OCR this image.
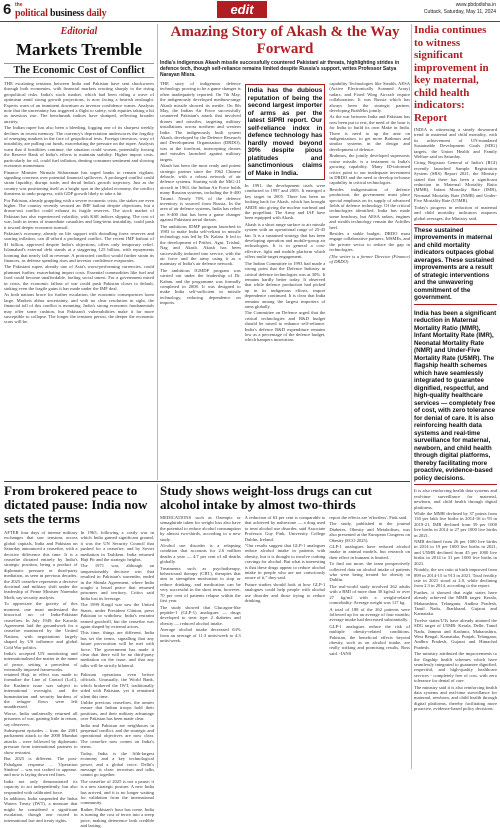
6 the
political business daily	edit	www.pbdodisha.in
Cuttack, Saturday, May 11, 2024
Editorial
Markets Tremble
The Economic Cost of Conflict

THE escalating tensions between India and Pakistan have sent shockwaves through both economies, with financial markets reacting sharply to the rising geopolitical risks. India's stock market, which had been riding a wave of optimism amid strong growth projections, is now facing a bearish onslaught. Experts warn of an imminent downturn as investor confidence wanes. Analysts note that the uncertainty has triggered a flight to safety, with equities taking a hit as investors rise. The benchmark indices have slumped, reflecting broader anxiety.

The Indian rupee has also been a bleeding, logging one of its sharpest weekly declines in recent memory. The currency's depreciation underscores the fragility of emerging markets in the face of geopolitical tests. Foreign investors, wary of instability, are pulling out funds, exacerbating the pressure on the rupee. Analysts warn that if hostilities continue, the situation could worsen, potentially forcing the Reserve Bank of India's efforts to maintain stability. Higher import costs, particularly for oil, could fuel inflation, denting consumer sentiment and slowing economic momentum.

Finance Minister Nirmala Sitharaman has urged banks to remain vigilant, signaling concerns over potential financial spillovers. A prolonged conflict could strain liquidity, disrupt trade, and derail India's growth trajectory. Just as the country was positioning itself as a bright spot in the global economy, the conflict threatens to undo progress, with GDP growth likely to take a hit.

For Pakistan, already grappling with a severe economic crisis, the stakes are even higher. The country recently secured an IMF bailout despite objections, but a drawn-out conflict could exhaust its fragile reserves. The stock market of Pakistan has also experienced volatility, with KSE indices slipping. The cost of war, both in terms of immediate casualties and long-term instability, could push it toward deeper economic turmoil.

Pakistan's economy, already on life support with dwindling forex reserves and soaring inflation, can ill-afford a prolonged conflict. The recent IMF bailout of $1 billion, approved despite India's objections, offers only temporary relief. Islamabad's external debt stands at a staggering 125 billion, with repayments looming that nearly fall in revenue. A protracted conflict would further strain its finances, as defense spending rises and investor confidence evaporates.

The Pakistani rupee, already one of Asia's worst-performing currencies, could plummet further, exacerbating import costs. Essential commodities like fuel and food could become unaffordable, fueling social unrest. For a government mired in crisis, the economic fallout of war could push Pakistan closer to default, sinking even the fragile gains it has made under the IMF deal.

As both nations brace for further escalation, the economic consequences loom large. Markets abhor uncertainty, and with no clear resolution in sight, the financial toll of this conflict is mounting. India's strong economic fundamentals may offer some cushion, but Pakistan's vulnerabilities make it far more susceptible to collapse. The longer the tensions persist, the deeper the economic scars will be.

Amazing Story of Akash & the Way Forward
India's indigenous Akash missile successfully countered Pakistani air threats, highlighting strides in defence tech, though self-reliance remains limited despite Russia's support, writes Professor Satya Narayan Misra.

THE story of indigenous defence technology proving to be a game changer is often inadequately reported. On 7th May, the indigenously developed medium-range Akash missile showed its mettle. On 8th May, the Indian Air Force successfully countered Pakistan's attack that involved drones and missiles, targeting military installations across northern and western India. The indigenously built system Akash, developed by the Defence Research and Development Organisation (DRDO), was at the forefront, intercepting drones and missiles launched against military targets.

Akash has been the most ready and potent strategic partner since the 1962 Chinese debacle, with a robust network of air defence systems. Starting with the MiG-21 aircraft in 1963, the Indian Air Force holds many Russian systems, including the S-400 Triumf. Nearly 70% of the defence inventory is sourced from Russia. In the area of air defence systems, India has relied on S-400 that has been a game changer against Pakistani aerial threats.

The ambitious IDMP program launched in 1983 to make India self-reliant in missile technology was led by Dr. Kalam. It led to the development of Prithvi, Agni, Trishul, Nag and Akash. Akash has been successfully inducted into service, with the air force and the army using it as a mainstay of India's air defence network.

The ambitious IGMDP program was carried out under the leadership of Dr. Kalam, and the programme was formally completed in 2008. It was designed to make India self-sufficient in missile technology, reducing dependence on imports.

India has the dubious reputation of being the second largest importer of arms as per the latest SIPRI report. Our self-reliance index in defence technology has hardly moved beyond 30% despite pious platitudes and sanctimonious claims of Make in India.

In 1991, the development trials were conducted in 1997 and 2005. It emerged a key target in 2005. There has been no looking back for Akash, which has brought ARDE into giving the nuclear warhead and the propellant. The Army and IAF have been equipped with Akash.

Akash is a short range surface to air missile system with an operational range of 25-45 km. It is a sustained strategy that has been developing operation and mobile-group air technologies. It is in general a cost-effective, light and mobile platform which offers multi-target engagement.

The Indian Committee in 1993 had made a strong point that the Defence Industry in critical defence technologies was at 30%. It remains hardly better today. It observed that while defence production had picked up in its indigenous efforts, import dependence continued. It is clear that India remains among the largest importers of arms globally.

The Committee on Defence urged that the critical technologies and R&D budget should be raised to enhance self-reliance. India's defence R&D expenditure remains low as a percentage of the defence budget, which hampers innovation.

capability Technologies like Stealth, AESA (Active Electronically Scanned Array) radars, and Fixed Wing Aircraft require collaboration. It was Russia which has always been the strategic partner, developing BrahMos jointly.

As the war between India and Pakistan has now been put to rest, the need of the hour is for India to build its own Make in India. There is need to up the ante on indigenization, to get more Brahmos and similar systems in the design and development of defence.

Brahmos, the jointly developed supersonic cruise missile, is a testament to India's growing capability. Many ID-informed critics point to our inadequate investment in DRDO and the need to develop in-house capability in critical technologies.

Besides indigenisation of defence production, the government must place special emphasis on its supply of advanced fields of defence technology. Of the critical technologies identified, India has made some headway, but AESA radars, engines and stealth technology remain the Achilles heel.

Besides a stable budget, DRDO must engage collaborative partners, MSMEs, and the private sector to reduce the gap in technologies.

(The writer is a former Director (Finance) of DRDO)

India continues to witness significant improvement in key maternal, child health indicators: Report

INDIA is witnessing a steady downward trend in maternal and child mortality, with its achievement of UN-mandated Sustainable Development Goals (SDG) targets, the Union Health and Family Welfare said on Saturday.

Citing Registrar General of India's (RGI) recently launched Sample Registration System (SRS) Report 2021, the Ministry stated that there has been a significant reduction in Maternal Mortality Ratio (MMR), Infant Mortality Rate (IMR), Neonatal Mortality Rate (NMR) and Under-Five Mortality Rate (U5MR).

Today's progress in reduction of maternal and child mortality indicators outpaces global averages, the Ministry said.

These sustained improvements in maternal and child mortality indicators outpaces global averages. These sustained improvements are a result of strategic interventions and the unwavering commitment of the government.
India has been a significant reduction in Maternal Mortality Ratio (MMR), Infant Mortality Rate (IMR), Neonatal Mortality Rate (NMR) and Under-Five Mortality Rate (U5MR). The flagship health schemes which have seamlessly integrated to guarantee dignified, respectful, and high-quality healthcare services — completely free of cost, with zero tolerance for denial of care. It is also reinforcing health data systems and real-time surveillance for maternal, newborn, and child health through digital platforms, thereby facilitating more proactive, evidence-based policy decisions.

It is also reinforcing health data systems and real-time surveillance for maternal, newborn, and child health through digital platforms.

While the MMR declined by 37 points from 130 per lakh live births in 2014-16 to 93 in 2019-21, IMR declined from 39 per 1000 live births in 2014 to 27 per 1000 live births in 2021.

NMR declined from 26 per 1000 live births in 2014 to 19 per 1000 live births in 2021, and U5MR declined from 45 per 1000 live births in 2014 to 31 per 1000 live births in 2021.

Notably, the sex ratio at birth improved from 899 in 2014-15 to 913 in 2021. Total fertility rate in 2021 stood at 2.0, while declining from 2.3 in 2014, according to the report.

Further, it showed that eight states have already achieved the MMR target: Kerala, Maharashtra, Telangana, Andhra Pradesh, Tamil Nadu, Jharkhand, Gujarat and Karnataka.

Twelve states/UTs have already attained the SDG target of U5MR: Kerala, Delhi, Tamil Nadu, Jammu and Kashmir, Maharashtra, West Bengal, Karnataka, Punjab, Telangana, Andhra Pradesh, Gujarat and Himachal Pradesh.

The ministry attributed the improvements to the flagship health schemes which have seamlessly integrated to guarantee dignified, respectful, and high-quality healthcare services - completely free of cost, with zero tolerance for denial of care.

The ministry said it is also reinforcing health data systems and real-time surveillance for maternal, newborn, and child health through digital platforms, thereby facilitating more proactive, evidence-based policy decisions.

From brokered peace to dictated pause: India now sets the terms

AFTER four days of intense military exchanges that saw tensions across global capitals, India and Pakistan on Saturday announced a ceasefire, with a decisive difference this time. It is a ceasefire dictated entirely by India's strategic position, being a product of diplomatic pressure or third-party mediation, as seen in previous decades, the 2025 ceasefire represents a decisive doctrinal and military shift under the leadership of Prime Minister Narendra Modi, say security analysts.

To appreciate the gravity of this moment, one must understand the historical arc of India-Pakistan ceasefires. In July 1949, the Karachi Agreement laid the groundwork for a ceasefire monitored by the United Nations, with negotiations largely shaped by US influence and global Cold War politics.

India's accepted UN monitoring and internationalised the matter in the name of peace, setting a precedent of externally imposed frameworks.

In 1965, following a costly war in which India gained significant ground, it was the UN Security Council that pushed for a ceasefire, and by Soviet mediation in Tashkent. India returned Haji Pir and the strategic heights.

The 1971 war, although an unquestionably decisive win that resulted in Pakistan's surrender, ended in the Shimla Agreement, where India sought a broad peace that returned prisoners and territory. Critics said India lost its leverage.

The 1999 Kargil war saw the United States, under President Clinton, press Pakistan to withdraw. India's restraint earned goodwill, but the ceasefire was again shaped by external actors.

This time, things are different. India has set the terms, signalling that any future provocation will be met with force. The government has made it clear that there will be no third-party mediation on the issue, and that any talks will be strictly bilateral.

retained Haji, in effect was made to formalize the Line of Control (LoC), the Kashmir issue was subject to international oversight, and the humanitarian and security burdens of the refugee flows were left unaddressed.

Worse, India unilaterally returned all prisoners of war, gaining little in return, say observers.

Subsequent episodes – from the 2001 parliament attack to the 2008 Mumbai attacks – were followed by diplomatic pressure from international partners to show restraint.

But 2025 is different. The post-Pahalgam response – 'Operation Sindoor' – was not crafted to appease, and now is laying down red lines.

India not only demonstrated its capacity to act independently, but also responded with calibrated force.

In addition, India suspended the Indus Waters Treaty (IWT), a measure that might be considered a significant escalation, though one rooted in international law and treaty rights.

Pakistan operations even before officials. Unusually, the World Bank, which brokered the IWT, traditionally sided with Pakistan, yet it remained silent this time.

Unlike previous ceasefires, the armies ensure that Indian troops hold their positions, and their military advantage over Pakistan has been made clear.

India and Pakistan are neighbours in perpetual conflict, and the strategic and operational objectives are now clear. The ceasefire now comes on India's terms.

Today, India is the fifth-largest economy and a key technological power, and a global voice. Delhi's message is clear: terrorism and talks cannot go together.

The ceasefire of 2025 is not a pause; it is a new strategic posture. A new India has arrived, and it is no longer waiting for validation from the international community.

Rather, Pakistan's hour has come. India is turning the cost of terror into a steep price, making deterrence both credible and lasting.

Study shows weight-loss drugs can cut alcohol intake by almost two-thirds

MEDICATIONS such as Ozempic or semaglutide taken for weight loss also have the potential to reduce alcohol consumption by almost two-thirds, according to a new study.

Alcohol use disorder is a relapsing condition that accounts for 2.6 million deaths a year — 4.7 per cent of all deaths globally.

Treatments such as psychotherapy, behavioural therapy (CBT), therapies that aim to strengthen motivation to stop or reduce drinking, and medication can be very successful in the short term, however, 70 per cent of patients relapse within the first year.

The study showed that Glucagon-like peptide-1 (GLP-1) analogues — drugs developed to treat type 2 diabetes and obesity — reduced alcohol intake.

Average alcohol intake decreased 63% from an average of 11.3 units/week to 4.3 units/week.

A reduction of 63 per cent is comparable to that achieved by naltrexone — a drug used to treat alcohol use disorder, said Associate Professor Guy Fink, University College Dublin, Ireland.

"Our results suggest that GLP-1 analogues reduce alcohol intake in patients with obesity, but it is thought to involve curbing cravings for alcohol. But what is interesting is that these drugs appear to reduce alcohol intake in people who are not consciously aware of it," they said.

Future studies should look at how GLP-1 analogues could help people with alcohol use disorder and those trying to reduce drinking.

report the effects are 'effortless', Fink said.

The study, published in the journal Diabetes, Obesity and Metabolism, was also presented at the European Congress on Obesity (ECO 2025).

GLP-1 analogues have reduced alcohol intake in animal models, but research on their effect in humans is limited.

To find out more, the team prospectively collected data on alcohol intake of patients who were being treated for obesity in Dublin.

The real-world study involved 262 adults with a BMI of more than 30 kg/m2 or over 27 kg/m2 with a weight-related comorbidity. Average weight was 117 kg.

A total of 188 of the 262 patients were followed up for an average of four months; average intake had decreased substantially.

GLP-1 analogues reduce the risk of multiple obesity-related conditions. Pakistan, the beneficial effects beyond obesity, such as on alcohol intake, are really striking and promising results, Ross said. -IANS
